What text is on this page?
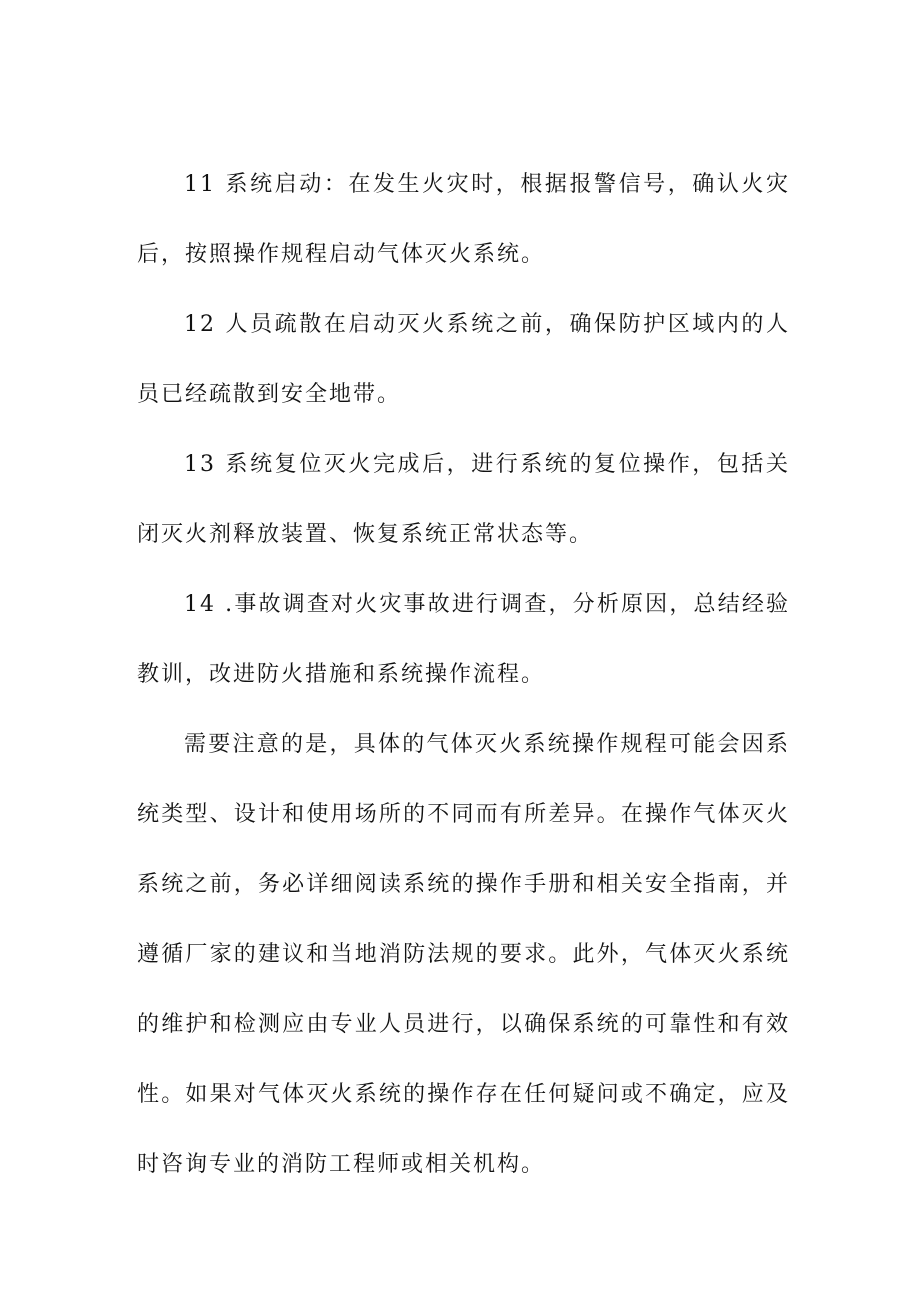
11 系统启动：在发生火灾时，根据报警信号，确认火灾后，按照操作规程启动气体灭火系统。

12 人员疏散在启动灭火系统之前，确保防护区域内的人员已经疏散到安全地带。

13 系统复位灭火完成后，进行系统的复位操作，包括关闭灭火剂释放装置、恢复系统正常状态等。

14 .事故调查对火灾事故进行调查，分析原因，总结经验教训，改进防火措施和系统操作流程。

需要注意的是，具体的气体灭火系统操作规程可能会因系统类型、设计和使用场所的不同而有所差异。在操作气体灭火系统之前，务必详细阅读系统的操作手册和相关安全指南，并遵循厂家的建议和当地消防法规的要求。此外，气体灭火系统的维护和检测应由专业人员进行，以确保系统的可靠性和有效性。如果对气体灭火系统的操作存在任何疑问或不确定，应及时咨询专业的消防工程师或相关机构。
